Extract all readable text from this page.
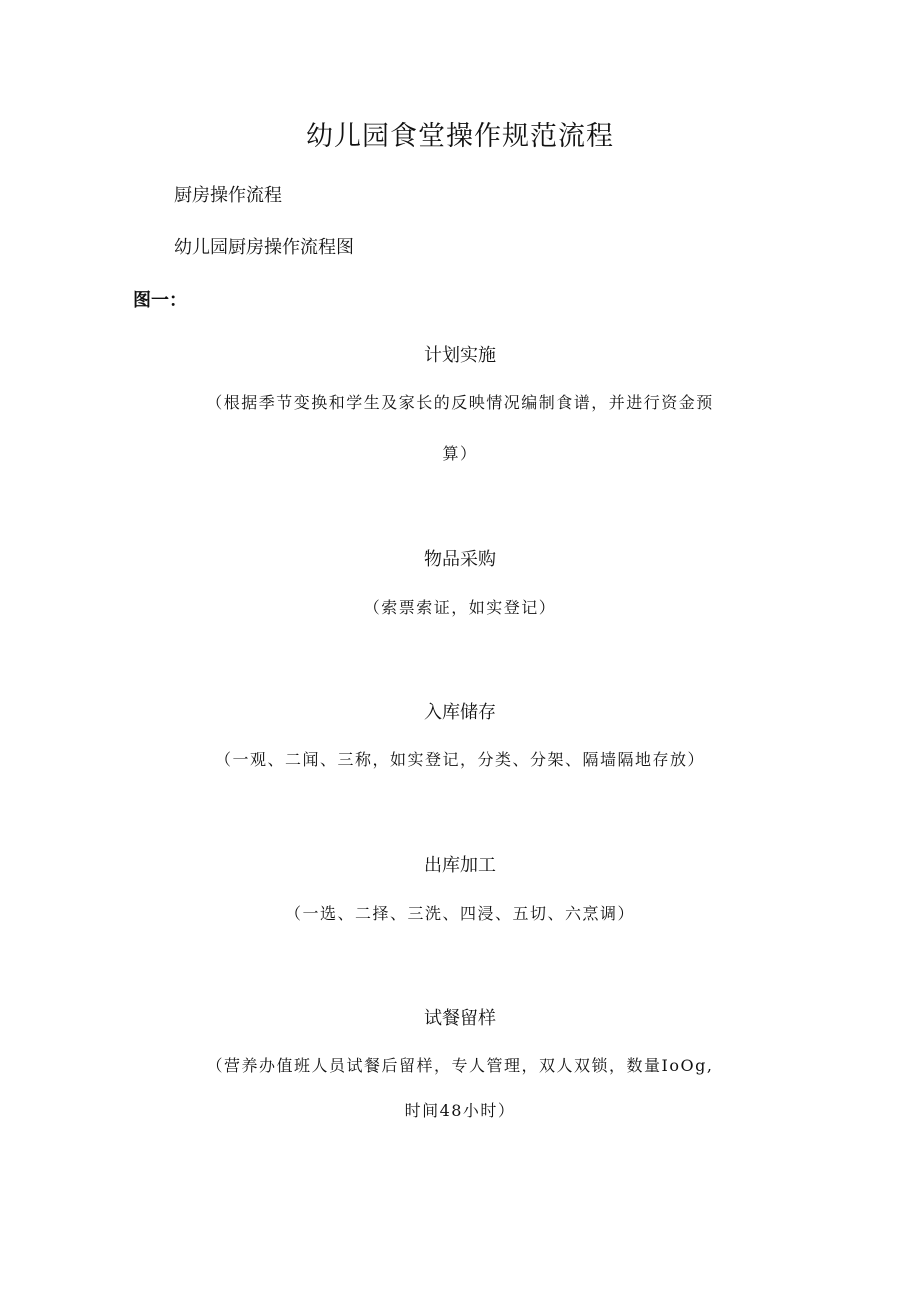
幼儿园食堂操作规范流程
厨房操作流程
幼儿园厨房操作流程图
图一：
计划实施
（根据季节变换和学生及家长的反映情况编制食谱，并进行资金预
算）
物品采购
（索票索证，如实登记）
入库储存
（一观、二闻、三称，如实登记，分类、分架、隔墙隔地存放）
出库加工
（一选、二择、三洗、四浸、五切、六烹调）
试餐留样
（营养办值班人员试餐后留样，专人管理，双人双锁，数量IoOg,
时间48小时）
